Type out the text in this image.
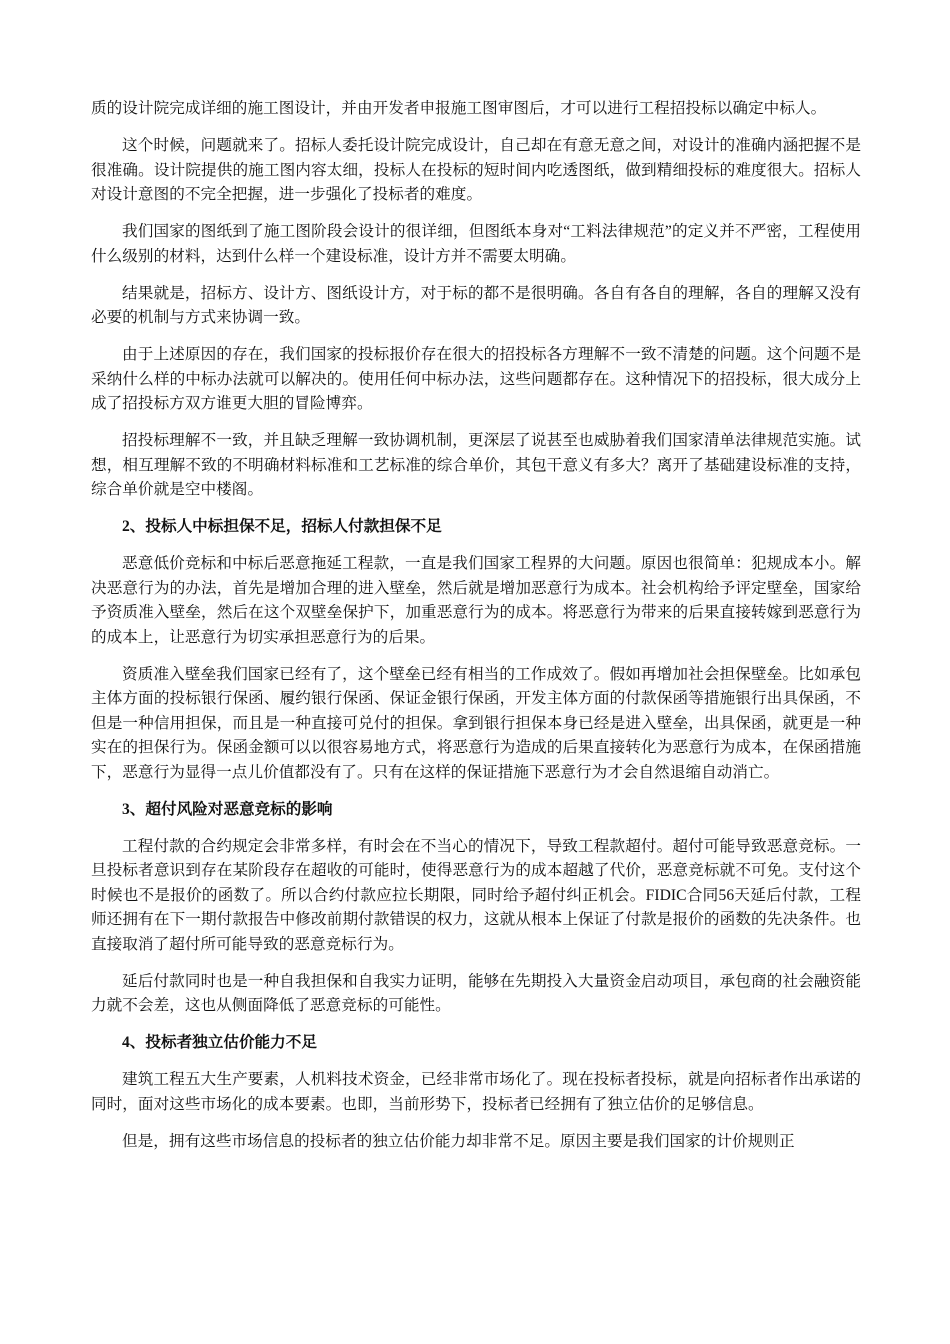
质的设计院完成详细的施工图设计，并由开发者申报施工图审图后，才可以进行工程招投标以确定中标人。

这个时候，问题就来了。招标人委托设计院完成设计，自己却在有意无意之间，对设计的准确内涵把握不是很准确。设计院提供的施工图内容太细，投标人在投标的短时间内吃透图纸，做到精细投标的难度很大。招标人对设计意图的不完全把握，进一步强化了投标者的难度。

我们国家的图纸到了施工图阶段会设计的很详细，但图纸本身对“工料法律规范”的定义并不严密，工程使用什么级别的材料，达到什么样一个建设标准，设计方并不需要太明确。

结果就是，招标方、设计方、图纸设计方，对于标的都不是很明确。各自有各自的理解，各自的理解又没有必要的机制与方式来协调一致。

由于上述原因的存在，我们国家的投标报价存在很大的招投标各方理解不一致不清楚的问题。这个问题不是采纳什么样的中标办法就可以解决的。使用任何中标办法，这些问题都存在。这种情况下的招投标，很大成分上成了招投标方双方谁更大胆的冒险博弈。

招投标理解不一致，并且缺乏理解一致协调机制，更深层了说甚至也威胁着我们国家清单法律规范实施。试想，相互理解不致的不明确材料标准和工艺标准的综合单价，其包干意义有多大？离开了基础建设标准的支持，综合单价就是空中楼阁。

2、投标人中标担保不足，招标人付款担保不足

恶意低价竞标和中标后恶意拖延工程款，一直是我们国家工程界的大问题。原因也很简单：犯规成本小。解决恶意行为的办法，首先是增加合理的进入壁垒，然后就是增加恶意行为成本。社会机构给予评定壁垒，国家给予资质准入壁垒，然后在这个双壁垒保护下，加重恶意行为的成本。将恶意行为带来的后果直接转嫁到恶意行为的成本上，让恶意行为切实承担恶意行为的后果。

资质准入壁垒我们国家已经有了，这个壁垒已经有相当的工作成效了。假如再增加社会担保壁垒。比如承包主体方面的投标银行保函、履约银行保函、保证金银行保函，开发主体方面的付款保函等措施银行出具保函，不但是一种信用担保，而且是一种直接可兑付的担保。拿到银行担保本身已经是进入壁垒，出具保函，就更是一种实在的担保行为。保函金额可以以很容易地方式，将恶意行为造成的后果直接转化为恶意行为成本，在保函措施下，恶意行为显得一点儿价值都没有了。只有在这样的保证措施下恶意行为才会自然退缩自动消亡。

3、超付风险对恶意竞标的影响

工程付款的合约规定会非常多样，有时会在不当心的情况下，导致工程款超付。超付可能导致恶意竞标。一旦投标者意识到存在某阶段存在超收的可能时，使得恶意行为的成本超越了代价，恶意竞标就不可免。支付这个时候也不是报价的函数了。所以合约付款应拉长期限，同时给予超付纠正机会。FIDIC合同56天延后付款，工程师还拥有在下一期付款报告中修改前期付款错误的权力，这就从根本上保证了付款是报价的函数的先决条件。也直接取消了超付所可能导致的恶意竞标行为。

延后付款同时也是一种自我担保和自我实力证明，能够在先期投入大量资金启动项目，承包商的社会融资能力就不会差，这也从侧面降低了恶意竞标的可能性。

4、投标者独立估价能力不足

建筑工程五大生产要素，人机料技术资金，已经非常市场化了。现在投标者投标，就是向招标者作出承诺的同时，面对这些市场化的成本要素。也即，当前形势下，投标者已经拥有了独立估价的足够信息。

但是，拥有这些市场信息的投标者的独立估价能力却非常不足。原因主要是我们国家的计价规则正
